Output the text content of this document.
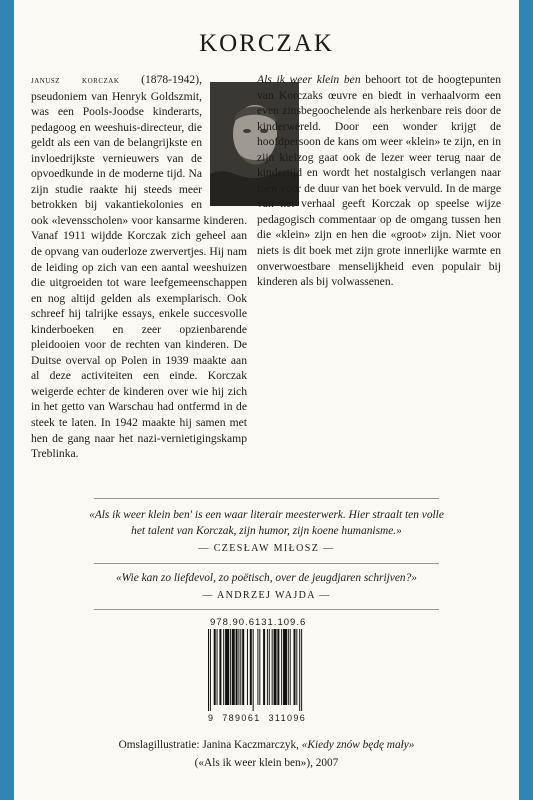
KORCZAK

janusz korczak (1878-1942), pseudoniem van Henryk Goldszmit, was een Pools-Joodse kinderarts, pedagoog en weeshuis-directeur, die geldt als een van de belangrijkste en invloedrijkste vernieuwers van de opvoedkunde in de moderne tijd. Na zijn studie raakte hij steeds meer betrokken bij vakantiekolonies en ook «levensscholen» voor kansarme kinderen. Vanaf 1911 wijdde Korczak zich geheel aan de opvang van ouderloze zwervertjes. Hij nam de leiding op zich van een aantal weeshuizen die uitgroeiden tot ware leefgemeenschappen en nog altijd gelden als exemplarisch. Ook schreef hij talrijke essays, enkele succesvolle kinderboeken en zeer opzienbarende pleidooien voor de rechten van kinderen. De Duitse overval op Polen in 1939 maakte aan al deze activiteiten een einde. Korczak weigerde echter de kinderen over wie hij zich in het getto van Warschau had ontfermd in de steek te laten. In 1942 maakte hij samen met hen de gang naar het nazi-vernietigingskamp Treblinka.

Als ik weer klein ben behoort tot de hoogtepunten van Korczaks œuvre en biedt in verhaalvorm een even zinsbegoochelende als herkenbare reis door de kinderwereld. Door een wonder krijgt de hoofdpersoon de kans om weer «klein» te zijn, en in zijn kielzog gaat ook de lezer weer terug naar de kindertijd en wordt het nostalgisch verlangen naar toen voor de duur van het boek vervuld. In de marge van het verhaal geeft Korczak op speelse wijze pedagogisch commentaar op de omgang tussen hen die «klein» zijn en hen die «groot» zijn. Niet voor niets is dit boek met zijn grote innerlijke warmte en onverwoestbare menselijkheid even populair bij kinderen als bij volwassenen.

«Als ik weer klein ben' is een waar literair meesterwerk. Hier straalt ten volle
het talent van Korczak, zijn humor, zijn koene humanisme.»
— CZESŁAW MIŁOSZ —
«Wie kan zo liefdevol, zo poëtisch, over de jeugdjaren schrijven?»
— ANDRZEJ WAJDA —
978.90.6131.109.6
9  789061  311096
Omslagillustratie: Janina Kaczmarczyk, «Kiedy znów będę mały»
(«Als ik weer klein ben»), 2007
